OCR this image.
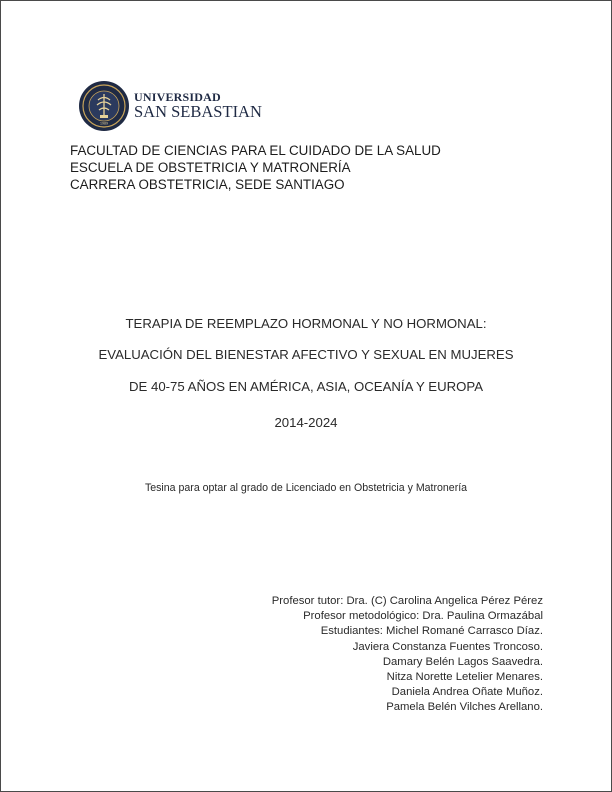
1989
UNIVERSIDAD
SAN SEBASTIAN
FACULTAD DE CIENCIAS PARA EL CUIDADO DE LA SALUD
ESCUELA DE OBSTETRICIA Y MATRONERÍA
CARRERA OBSTETRICIA, SEDE SANTIAGO
TERAPIA DE REEMPLAZO HORMONAL Y NO HORMONAL:
EVALUACIÓN DEL BIENESTAR AFECTIVO Y SEXUAL EN MUJERES
DE 40-75 AÑOS EN AMÉRICA, ASIA, OCEANÍA Y EUROPA
2014-2024
Tesina para optar al grado de Licenciado en Obstetricia y Matronería
Profesor tutor: Dra. (C) Carolina Angelica Pérez Pérez
Profesor metodológico: Dra. Paulina Ormazábal
Estudiantes: Michel Romané Carrasco Díaz.
Javiera Constanza Fuentes Troncoso.
Damary Belén Lagos Saavedra.
Nitza Norette Letelier Menares.
Daniela Andrea Oñate Muñoz.
Pamela Belén Vilches Arellano.
